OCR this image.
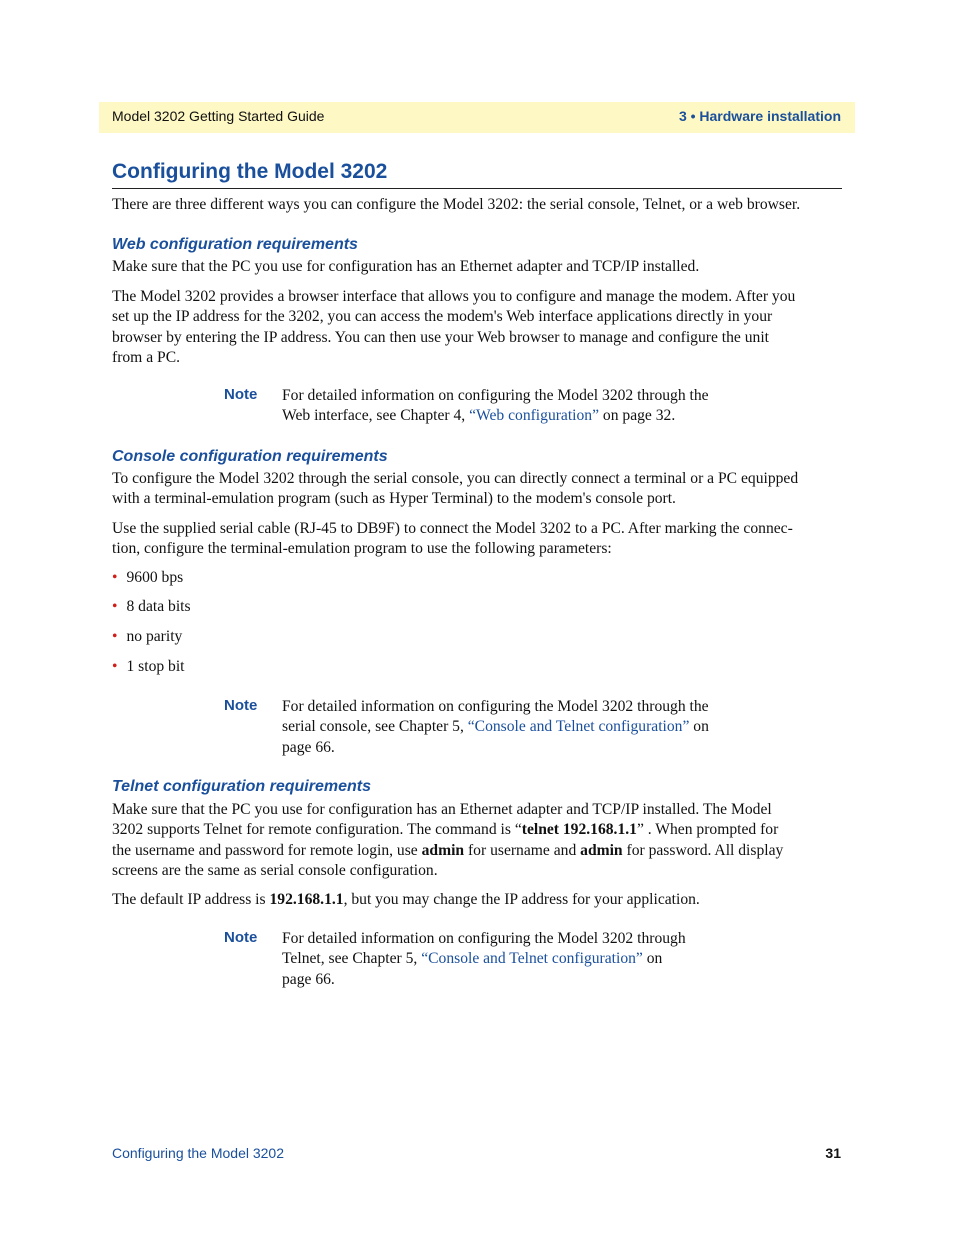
Model 3202 Getting Started Guide	3 • Hardware installation
Configuring the Model 3202

There are three different ways you can configure the Model 3202: the serial console, Telnet, or a web browser.

Web configuration requirements

Make sure that the PC you use for configuration has an Ethernet adapter and TCP/IP installed.

The Model 3202 provides a browser interface that allows you to configure and manage the modem. After you
set up the IP address for the 3202, you can access the modem's Web interface applications directly in your
browser by entering the IP address. You can then use your Web browser to manage and configure the unit
from a PC.

Note For detailed information on configuring the Model 3202 through the
Web interface, see Chapter 4, “Web configuration” on page 32.

Console configuration requirements

To configure the Model 3202 through the serial console, you can directly connect a terminal or a PC equipped
with a terminal-emulation program (such as Hyper Terminal) to the modem's console port.

Use the supplied serial cable (RJ-45 to DB9F) to connect the Model 3202 to a PC. After marking the connec-
tion, configure the terminal-emulation program to use the following parameters:

• 9600 bps
• 8 data bits
• no parity
• 1 stop bit
Note For detailed information on configuring the Model 3202 through the
serial console, see Chapter 5, “Console and Telnet configuration” on
page 66.

Telnet configuration requirements

Make sure that the PC you use for configuration has an Ethernet adapter and TCP/IP installed. The Model
3202 supports Telnet for remote configuration. The command is “telnet 192.168.1.1” . When prompted for
the username and password for remote login, use admin for username and admin for password. All display
screens are the same as serial console configuration.

The default IP address is 192.168.1.1, but you may change the IP address for your application.

Note For detailed information on configuring the Model 3202 through
Telnet, see Chapter 5, “Console and Telnet configuration” on
page 66.

Configuring the Model 3202	31
